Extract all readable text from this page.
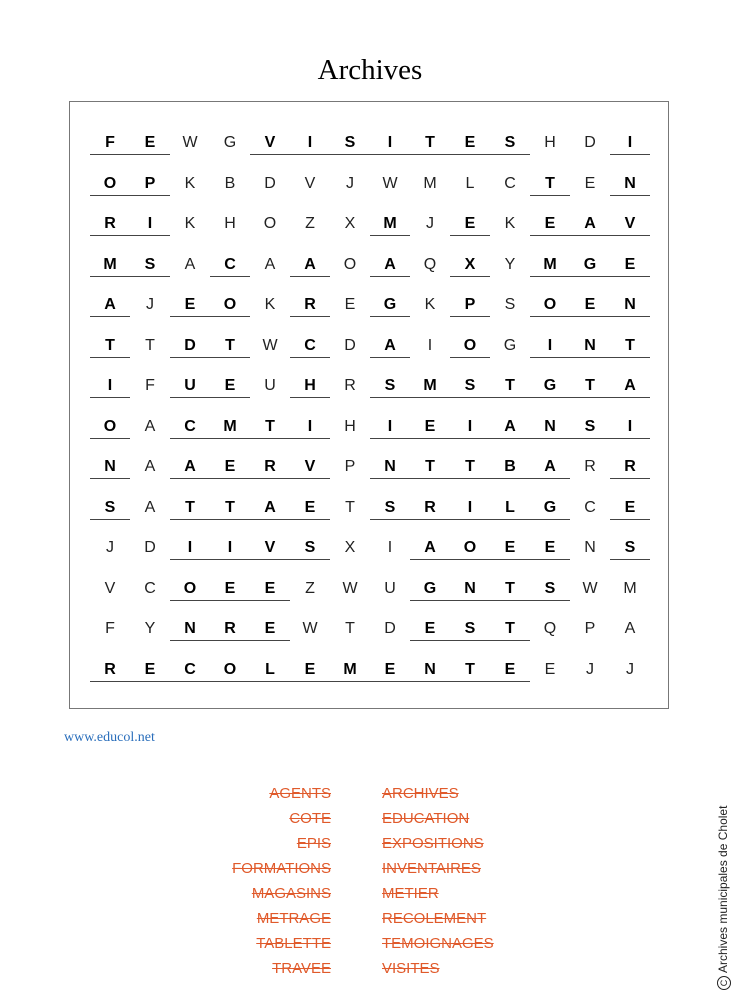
Archives
F	E	W	G	V	I	S	I	T	E	S	H	D	I
O	P	K	B	D	V	J	W	M	L	C	T	E	N
R	I	K	H	O	Z	X	M	J	E	K	E	A	V
M	S	A	C	A	A	O	A	Q	X	Y	M	G	E
A	J	E	O	K	R	E	G	K	P	S	O	E	N
T	T	D	T	W	C	D	A	I	O	G	I	N	T
I	F	U	E	U	H	R	S	M	S	T	G	T	A
O	A	C	M	T	I	H	I	E	I	A	N	S	I
N	A	A	E	R	V	P	N	T	T	B	A	R	R
S	A	T	T	A	E	T	S	R	I	L	G	C	E
J	D	I	I	V	S	X	I	A	O	E	E	N	S
V	C	O	E	E	Z	W	U	G	N	T	S	W	M
F	Y	N	R	E	W	T	D	E	S	T	Q	P	A
R	E	C	O	L	E	M	E	N	T	E	E	J	J
www.educol.net
AGENTS
COTE
EPIS
FORMATIONS
MAGASINS
METRAGE
TABLETTE
TRAVEE
ARCHIVES
EDUCATION
EXPOSITIONS
INVENTAIRES
METIER
RECOLEMENT
TEMOIGNAGES
VISITES
CArchives municipales de Cholet
